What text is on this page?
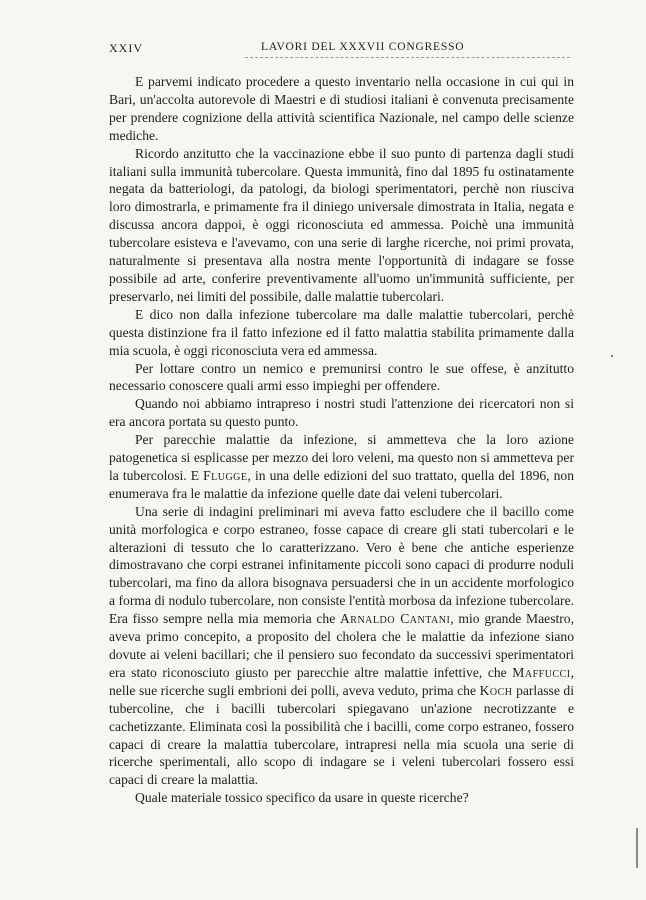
XXIV	LAVORI DEL XXXVII CONGRESSO

E parvemi indicato procedere a questo inventario nella occasione in cui qui in Bari, un'accolta autorevole di Maestri e di studiosi italiani è convenuta precisamente per prendere cognizione della attività scientifica Nazionale, nel campo delle scienze mediche.

Ricordo anzitutto che la vaccinazione ebbe il suo punto di partenza dagli studi italiani sulla immunità tubercolare. Questa immunità, fino dal 1895 fu ostinatamente negata da batteriologi, da patologi, da biologi sperimentatori, perchè non riusciva loro dimostrarla, e primamente fra il diniego universale dimostrata in Italia, negata e discussa ancora dappoi, è oggi riconosciuta ed ammessa. Poichè una immunità tubercolare esisteva e l'avevamo, con una serie di larghe ricerche, noi primi provata, naturalmente si presentava alla nostra mente l'opportunità di indagare se fosse possibile ad arte, conferire preventivamente all'uomo un'immunità sufficiente, per preservarlo, nei limiti del possibile, dalle malattie tubercolari.

E dico non dalla infezione tubercolare ma dalle malattie tubercolari, perchè questa distinzione fra il fatto infezione ed il fatto malattia stabilita primamente dalla mia scuola, è oggi riconosciuta vera ed ammessa.

Per lottare contro un nemico e premunirsi contro le sue offese, è anzitutto necessario conoscere quali armi esso impieghi per offendere.

Quando noi abbiamo intrapreso i nostri studi l'attenzione dei ricercatori non si era ancora portata su questo punto.

Per parecchie malattie da infezione, si ammetteva che la loro azione patogenetica si esplicasse per mezzo dei loro veleni, ma questo non si ammetteva per la tubercolosi. E Flugge, in una delle edizioni del suo trattato, quella del 1896, non enumerava fra le malattie da infezione quelle date dai veleni tubercolari.

Una serie di indagini preliminari mi aveva fatto escludere che il bacillo come unità morfologica e corpo estraneo, fosse capace di creare gli stati tubercolari e le alterazioni di tessuto che lo caratterizzano. Vero è bene che antiche esperienze dimostravano che corpi estranei infinitamente piccoli sono capaci di produrre noduli tubercolari, ma fino da allora bisognava persuadersi che in un accidente morfologico a forma di nodulo tubercolare, non consiste l'entità morbosa da infezione tubercolare. Era fisso sempre nella mia memoria che Arnaldo Cantani, mio grande Maestro, aveva primo concepito, a proposito del cholera che le malattie da infezione siano dovute ai veleni bacillari; che il pensiero suo fecondato da successivi sperimentatori era stato riconosciuto giusto per parecchie altre malattie infettive, che Maffucci, nelle sue ricerche sugli embrioni dei polli, aveva veduto, prima che Koch parlasse di tubercoline, che i bacilli tubercolari spiegavano un'azione necrotizzante e cachetizzante. Eliminata così la possibilità che i bacilli, come corpo estraneo, fossero capaci di creare la malattia tubercolare, intrapresi nella mia scuola una serie di ricerche sperimentali, allo scopo di indagare se i veleni tubercolari fossero essi capaci di creare la malattia.

Quale materiale tossico specifico da usare in queste ricerche?
